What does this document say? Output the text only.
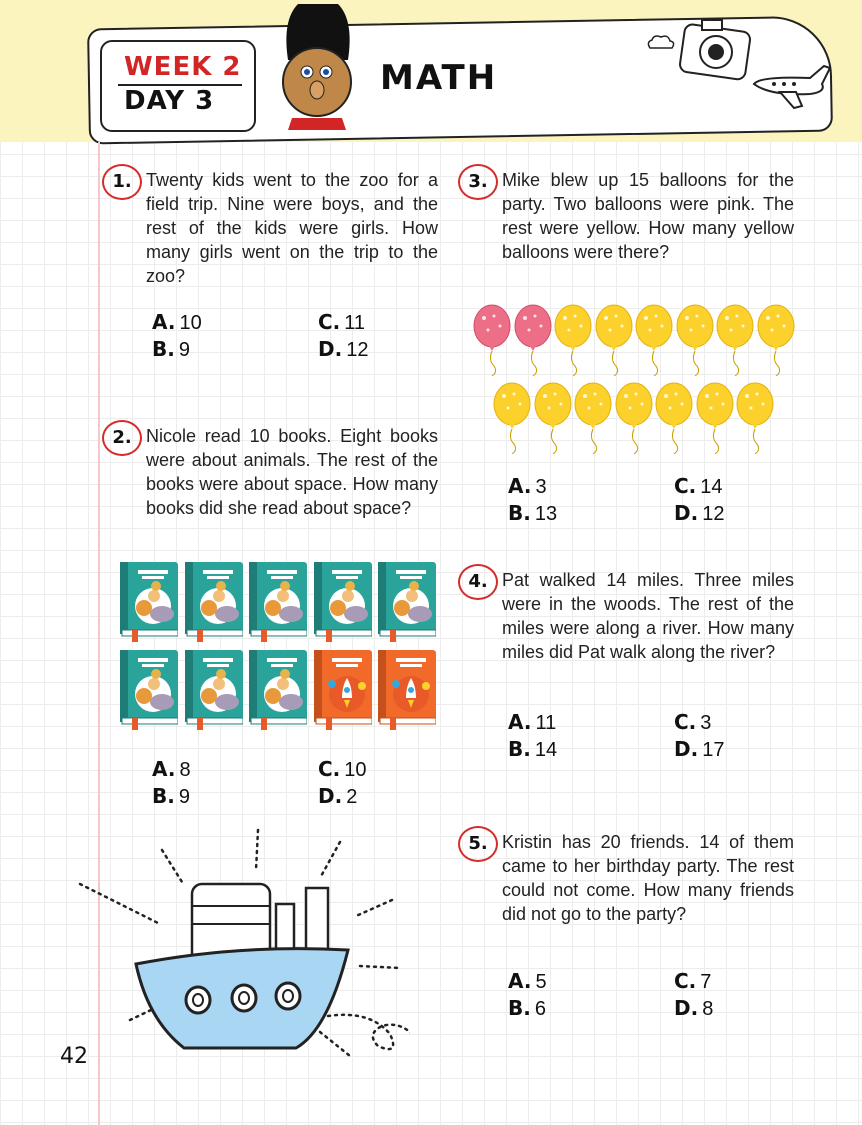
WEEK 2
DAY 3
MATH
1. Twenty kids went to the zoo for a field trip. Nine were boys, and the rest of the kids were girls. How many girls went on the trip to the zoo?
A. 10	C. 11
B. 9	D. 12
2. Nicole read 10 books. Eight books were about animals. The rest of the books were about space. How many books did she read about space?
A. 8	C. 10
B. 9	D. 2
3. Mike blew up 15 balloons for the party. Two balloons were pink. The rest were yellow. How many yellow balloons were there?
A. 3	C. 14
B. 13	D. 12
4. Pat walked 14 miles. Three miles were in the woods. The rest of the miles were along a river. How many miles did Pat walk along the river?
A. 11	C. 3
B. 14	D. 17
5. Kristin has 20 friends. 14 of them came to her birthday party. The rest could not come. How many friends did not go to the party?
A. 5	C. 7
B. 6	D. 8
42
